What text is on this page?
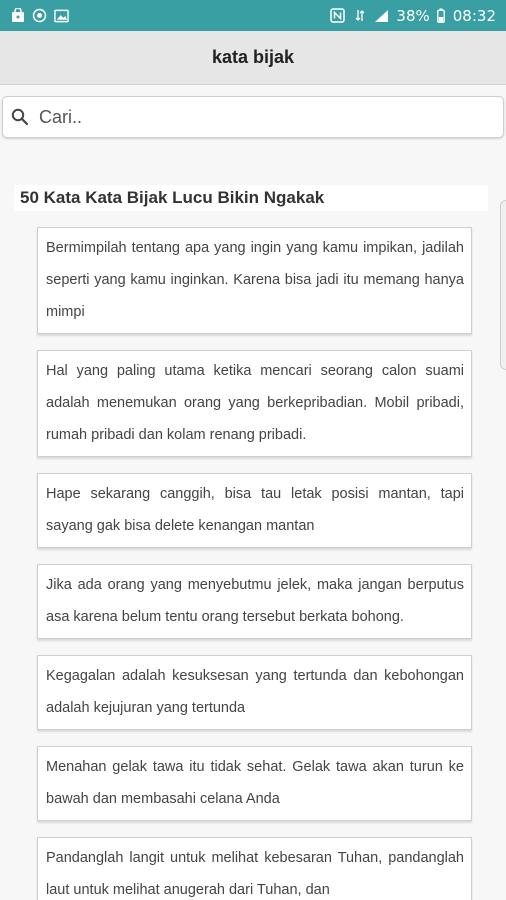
38% 08:32
kata bijak
Cari..
50 Kata Kata Bijak Lucu Bikin Ngakak
Bermimpilah tentang apa yang ingin yang kamu impikan, jadilah seperti yang kamu inginkan. Karena bisa jadi itu memang hanya mimpi
Hal yang paling utama ketika mencari seorang calon suami adalah menemukan orang yang berkepribadian. Mobil pribadi, rumah pribadi dan kolam renang pribadi.
Hape sekarang canggih, bisa tau letak posisi mantan, tapi sayang gak bisa delete kenangan mantan
Jika ada orang yang menyebutmu jelek, maka jangan berputus asa karena belum tentu orang tersebut berkata bohong.
Kegagalan adalah kesuksesan yang tertunda dan kebohongan adalah kejujuran yang tertunda
Menahan gelak tawa itu tidak sehat. Gelak tawa akan turun ke bawah dan membasahi celana Anda
Pandanglah langit untuk melihat kebesaran Tuhan, pandanglah laut untuk melihat anugerah dari Tuhan, dan
